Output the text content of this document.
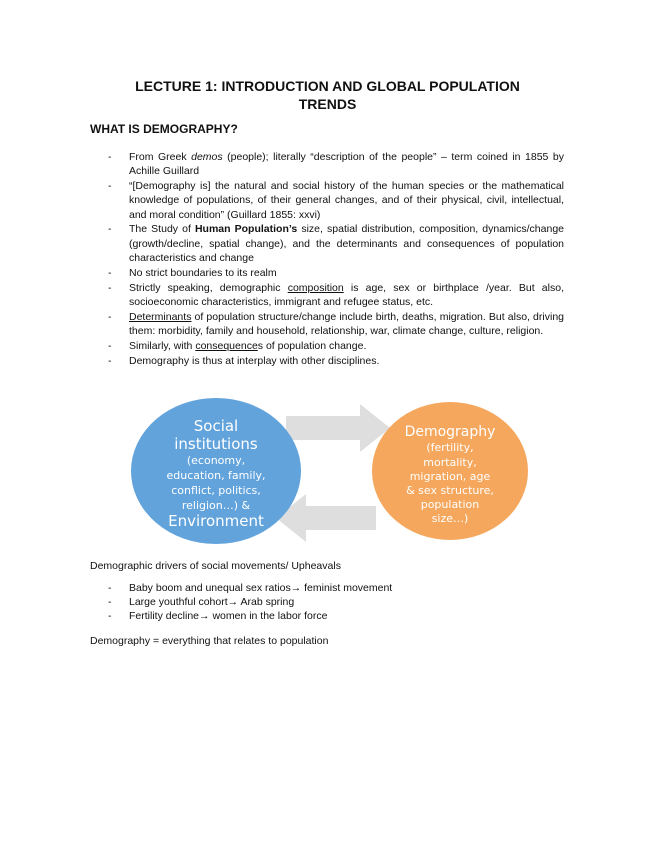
LECTURE 1: INTRODUCTION AND GLOBAL POPULATION
TRENDS
WHAT IS DEMOGRAPHY?
- From Greek demos (people); literally “description of the people” – term coined in 1855 by Achille Guillard
- “[Demography is] the natural and social history of the human species or the mathematical knowledge of populations, of their general changes, and of their physical, civil, intellectual, and moral condition” (Guillard 1855: xxvi)
- The Study of Human Population’s size, spatial distribution, composition, dynamics/change (growth/decline, spatial change), and the determinants and consequences of population characteristics and change
- No strict boundaries to its realm
- Strictly speaking, demographic composition is age, sex or birthplace /year. But also, socioeconomic characteristics, immigrant and refugee status, etc.
- Determinants of population structure/change include birth, deaths, migration. But also, driving them: morbidity, family and household, relationship, war, climate change, culture, religion.
- Similarly, with consequences of population change.
- Demography is thus at interplay with other disciplines.
Social
institutions
(economy,
education, family,
conflict, politics,
religion…) &
Environment
Demography
(fertility,
mortality,
migration, age
& sex structure,
population
size…)
Demographic drivers of social movements/ Upheavals
- Baby boom and unequal sex ratios→ feminist movement
- Large youthful cohort→ Arab spring
- Fertility decline→ women in the labor force
Demography = everything that relates to population
